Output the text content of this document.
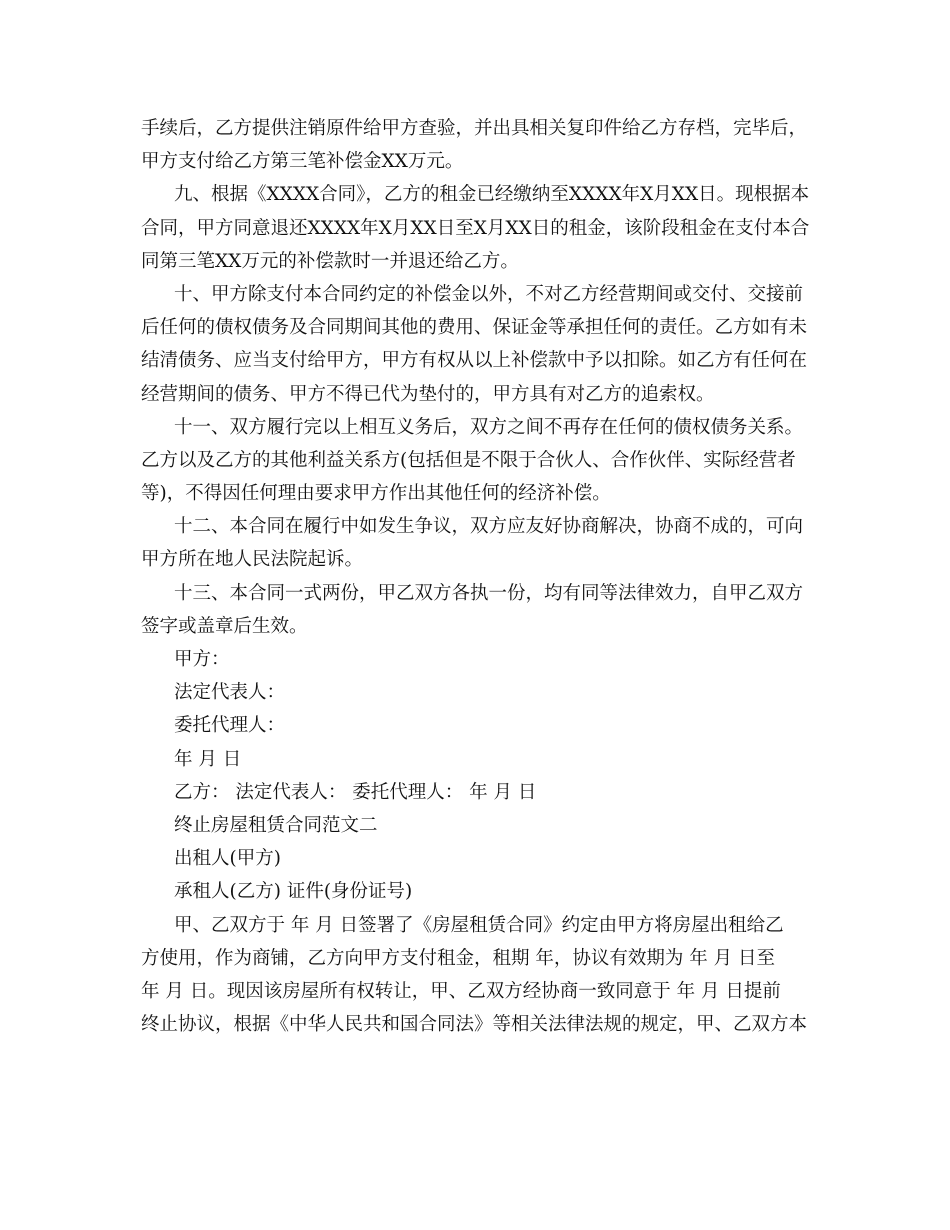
手续后，乙方提供注销原件给甲方查验，并出具相关复印件给乙方存档，完毕后，
甲方支付给乙方第三笔补偿金XX万元。
九、根据《XXXX合同》，乙方的租金已经缴纳至XXXX年X月XX日。现根据本
合同，甲方同意退还XXXX年X月XX日至X月XX日的租金，该阶段租金在支付本合
同第三笔XX万元的补偿款时一并退还给乙方。
十、甲方除支付本合同约定的补偿金以外，不对乙方经营期间或交付、交接前
后任何的债权债务及合同期间其他的费用、保证金等承担任何的责任。乙方如有未
结清债务、应当支付给甲方，甲方有权从以上补偿款中予以扣除。如乙方有任何在
经营期间的债务、甲方不得已代为垫付的，甲方具有对乙方的追索权。
十一、双方履行完以上相互义务后，双方之间不再存在任何的债权债务关系。
乙方以及乙方的其他利益关系方(包括但是不限于合伙人、合作伙伴、实际经营者
等)，不得因任何理由要求甲方作出其他任何的经济补偿。
十二、本合同在履行中如发生争议，双方应友好协商解决，协商不成的，可向
甲方所在地人民法院起诉。
十三、本合同一式两份，甲乙双方各执一份，均有同等法律效力，自甲乙双方
签字或盖章后生效。
甲方：
法定代表人：
委托代理人：
年 月 日
乙方： 法定代表人： 委托代理人： 年 月 日
终止房屋租赁合同范文二
出租人(甲方)
承租人(乙方) 证件(身份证号)
甲、乙双方于 年 月 日签署了《房屋租赁合同》约定由甲方将房屋出租给乙
方使用，作为商铺，乙方向甲方支付租金，租期 年，协议有效期为 年 月 日至
年 月 日。现因该房屋所有权转让，甲、乙双方经协商一致同意于 年 月 日提前
终止协议，根据《中华人民共和国合同法》等相关法律法规的规定，甲、乙双方本
